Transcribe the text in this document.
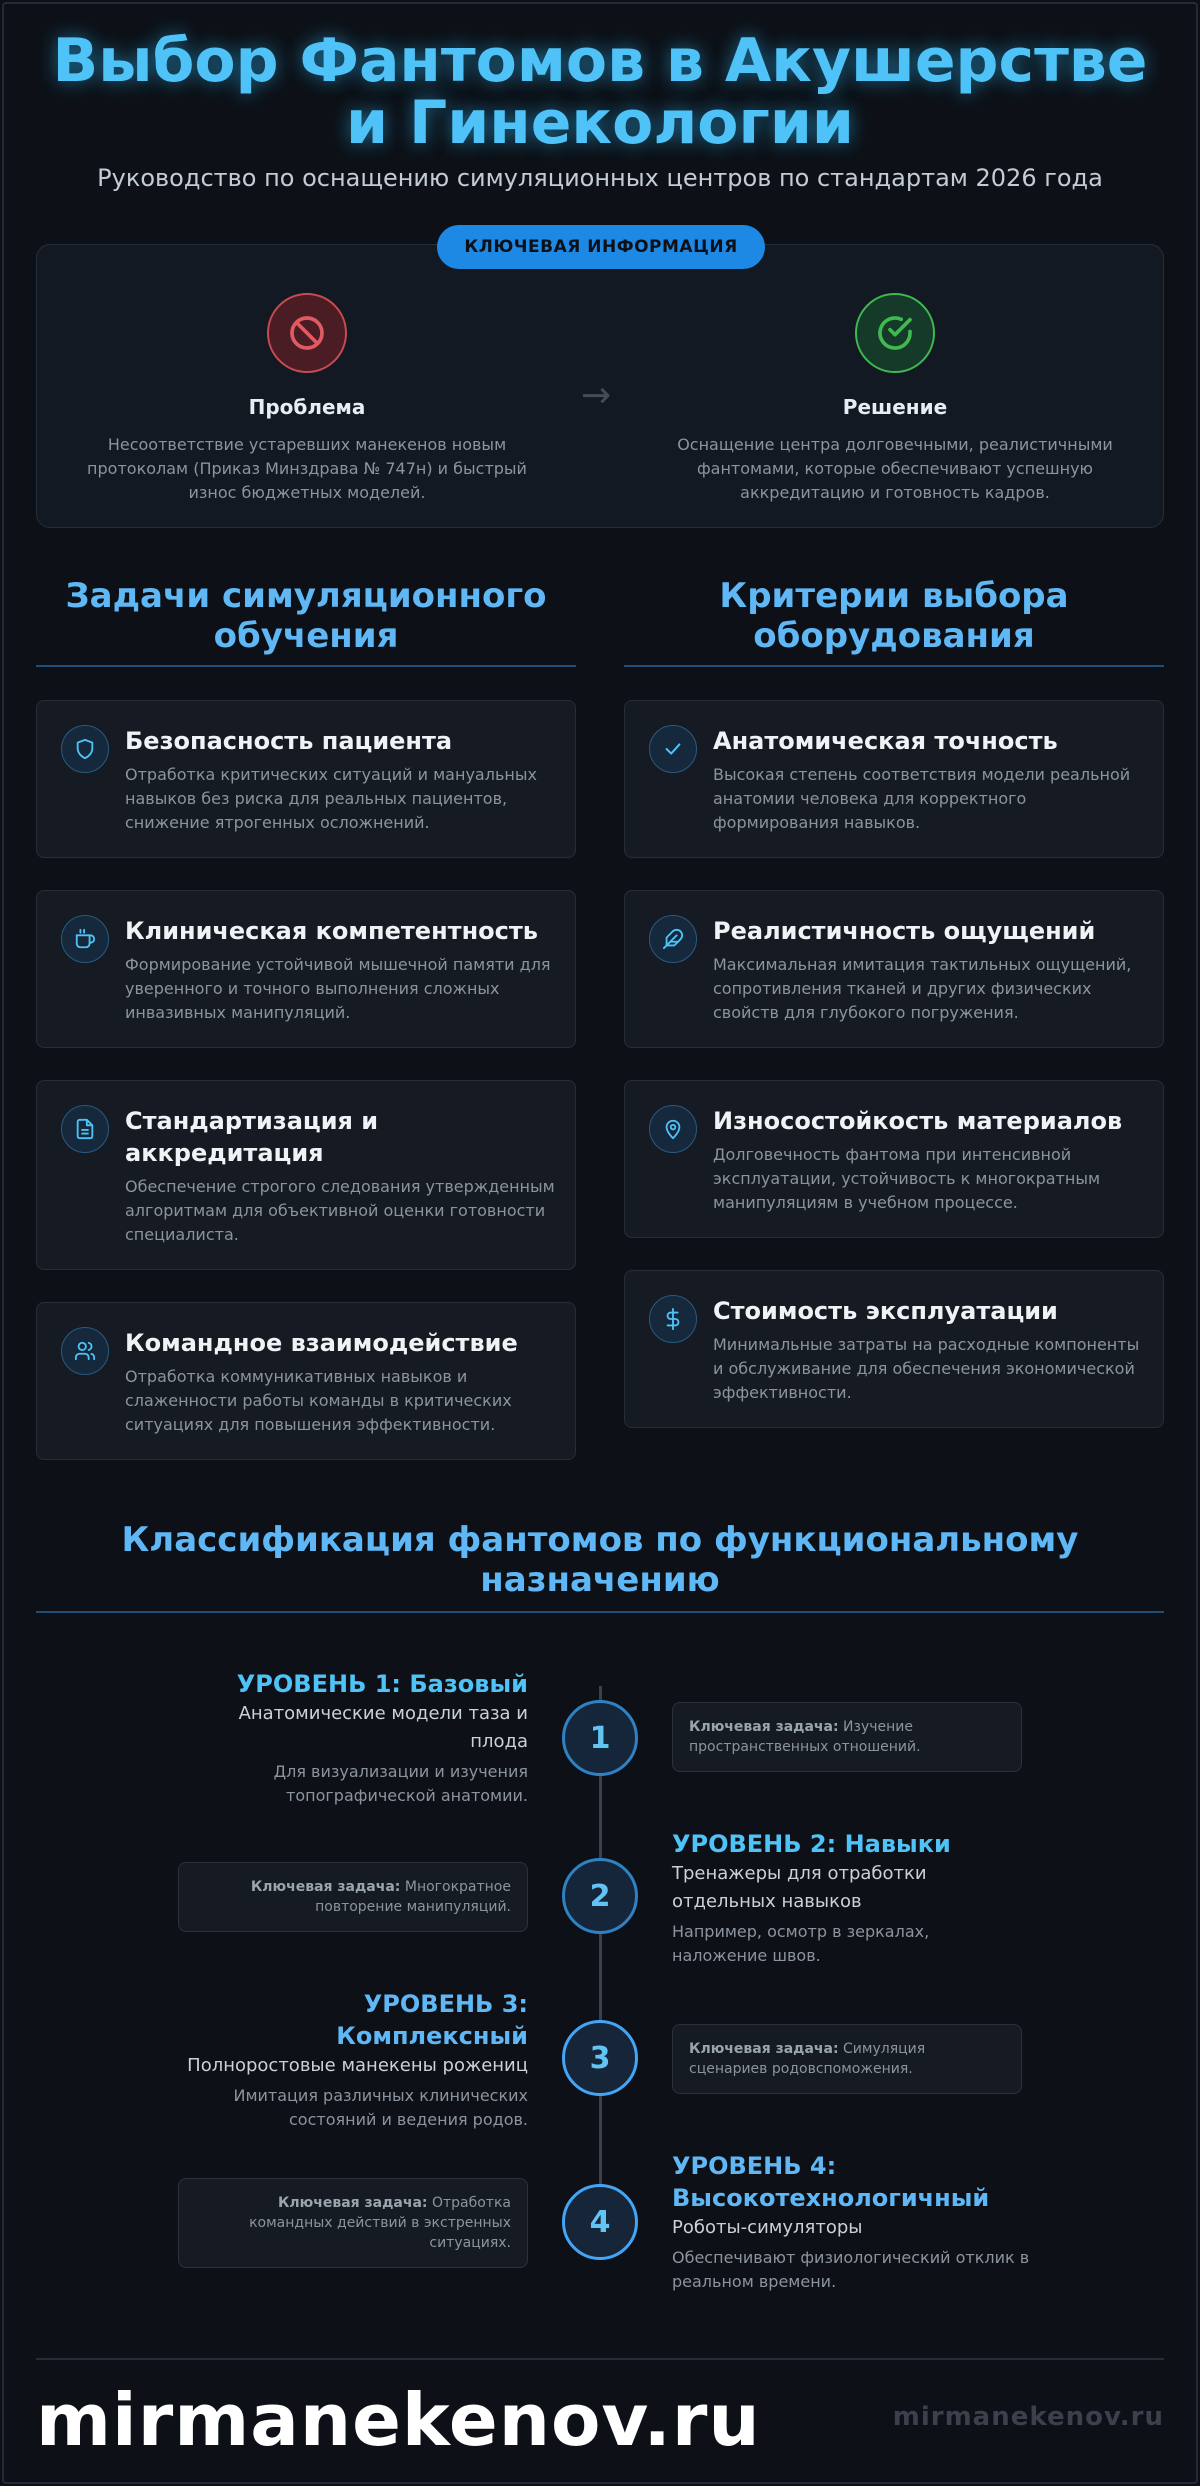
Выбор Фантомов в Акушерстве и Гинекологии
Руководство по оснащению симуляционных центров по стандартам 2026 года
КЛЮЧЕВАЯ ИНФОРМАЦИЯ
Проблема
Несоответствие устаревших манекенов новым протоколам (Приказ Минздрава № 747н) и быстрый износ бюджетных моделей.
→	Решение
Оснащение центра долговечными, реалистичными фантомами, которые обеспечивают успешную аккредитацию и готовность кадров.
Задачи симуляционного обучения
Безопасность пациента
Отработка критических ситуаций и мануальных навыков без риска для реальных пациентов, снижение ятрогенных осложнений.
Клиническая компетентность
Формирование устойчивой мышечной памяти для уверенного и точного выполнения сложных инвазивных манипуляций.
Стандартизация и аккредитация
Обеспечение строгого следования утвержденным алгоритмам для объективной оценки готовности специалиста.
Командное взаимодействие
Отработка коммуникативных навыков и слаженности работы команды в критических ситуациях для повышения эффективности.
Критерии выбора оборудования
Анатомическая точность
Высокая степень соответствия модели реальной анатомии человека для корректного формирования навыков.
Реалистичность ощущений
Максимальная имитация тактильных ощущений, сопротивления тканей и других физических свойств для глубокого погружения.
Износостойкость материалов
Долговечность фантома при интенсивной эксплуатации, устойчивость к многократным манипуляциям в учебном процессе.
Стоимость эксплуатации
Минимальные затраты на расходные компоненты и обслуживание для обеспечения экономической эффективности.
Классификация фантомов по функциональному назначению
УРОВЕНЬ 1: Базовый
Анатомические модели таза и плода
Для визуализации и изучения топографической анатомии.
1	Ключевая задача: Изучение пространственных отношений.
Ключевая задача: Многократное повторение манипуляций.	2
УРОВЕНЬ 2: Навыки
Тренажеры для отработки отдельных навыков
Например, осмотр в зеркалах, наложение швов.
УРОВЕНЬ 3: Комплексный
Полноростовые манекены рожениц
Имитация различных клинических состояний и ведения родов.
3	Ключевая задача: Симуляция сценариев родовспоможения.
Ключевая задача: Отработка командных действий в экстренных ситуациях.
4
УРОВЕНЬ 4: Высокотехнологичный
Роботы-симуляторы
Обеспечивают физиологический отклик в реальном времени.
mirmanekenov.ru	mirmanekenov.ru
